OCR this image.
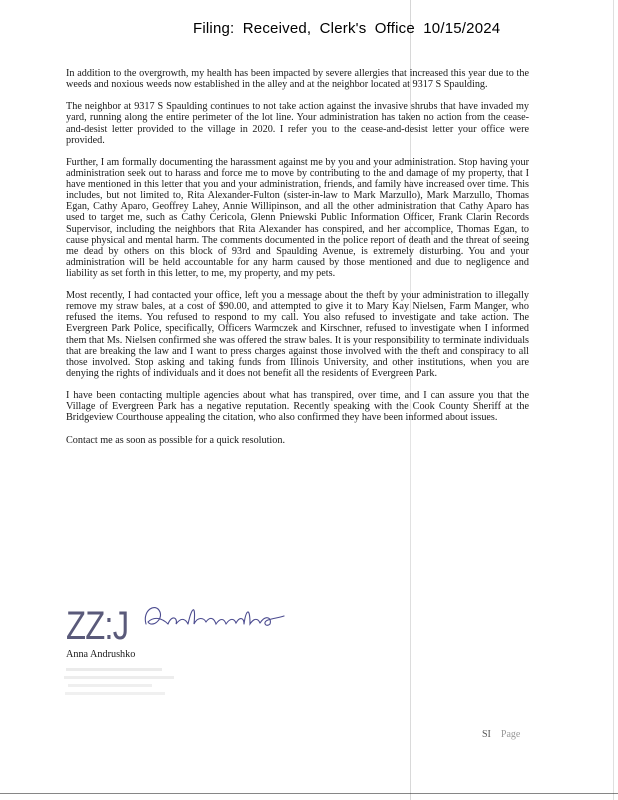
Filing: Received, Clerk's Office 10/15/2024

In addition to the overgrowth, my health has been impacted by severe allergies that increased this year due to the weeds and noxious weeds now established in the alley and at the neighbor located at 9317 S Spaulding.

The neighbor at 9317 S Spaulding continues to not take action against the invasive shrubs that have invaded my yard, running along the entire perimeter of the lot line. Your administration has taken no action from the cease-and-desist letter provided to the village in 2020. I refer you to the cease-and-desist letter your office were provided.

Further, I am formally documenting the harassment against me by you and your administration. Stop having your administration seek out to harass and force me to move by contributing to the and damage of my property, that I have mentioned in this letter that you and your administration, friends, and family have increased over time. This includes, but not limited to, Rita Alexander-Fulton (sister-in-law to Mark Marzullo), Mark Marzullo, Thomas Egan, Cathy Aparo, Geoffrey Lahey, Annie Willipinson, and all the other administration that Cathy Aparo has used to target me, such as Cathy Cericola, Glenn Pniewski Public Information Officer, Frank Clarin Records Supervisor, including the neighbors that Rita Alexander has conspired, and her accomplice, Thomas Egan, to cause physical and mental harm. The comments documented in the police report of death and the threat of seeing me dead by others on this block of 93rd and Spaulding Avenue, is extremely disturbing. You and your administration will be held accountable for any harm caused by those mentioned and due to negligence and liability as set forth in this letter, to me, my property, and my pets.

Most recently, I had contacted your office, left you a message about the theft by your administration to illegally remove my straw bales, at a cost of $90.00, and attempted to give it to Mary Kay Nielsen, Farm Manger, who refused the items. You refused to respond to my call. You also refused to investigate and take action. The Evergreen Park Police, specifically, Officers Warmczek and Kirschner, refused to investigate when I informed them that Ms. Nielsen confirmed she was offered the straw bales. It is your responsibility to terminate individuals that are breaking the law and I want to press charges against those involved with the theft and conspiracy to all those involved. Stop asking and taking funds from Illinois University, and other institutions, when you are denying the rights of individuals and it does not benefit all the residents of Evergreen Park.

I have been contacting multiple agencies about what has transpired, over time, and I can assure you that the Village of Evergreen Park has a negative reputation. Recently speaking with the Cook County Sheriff at the Bridgeview Courthouse appealing the citation, who also confirmed they have been informed about issues.

Contact me as soon as possible for a quick resolution.

ZZ:J
Anna Andrushko
SI Page
